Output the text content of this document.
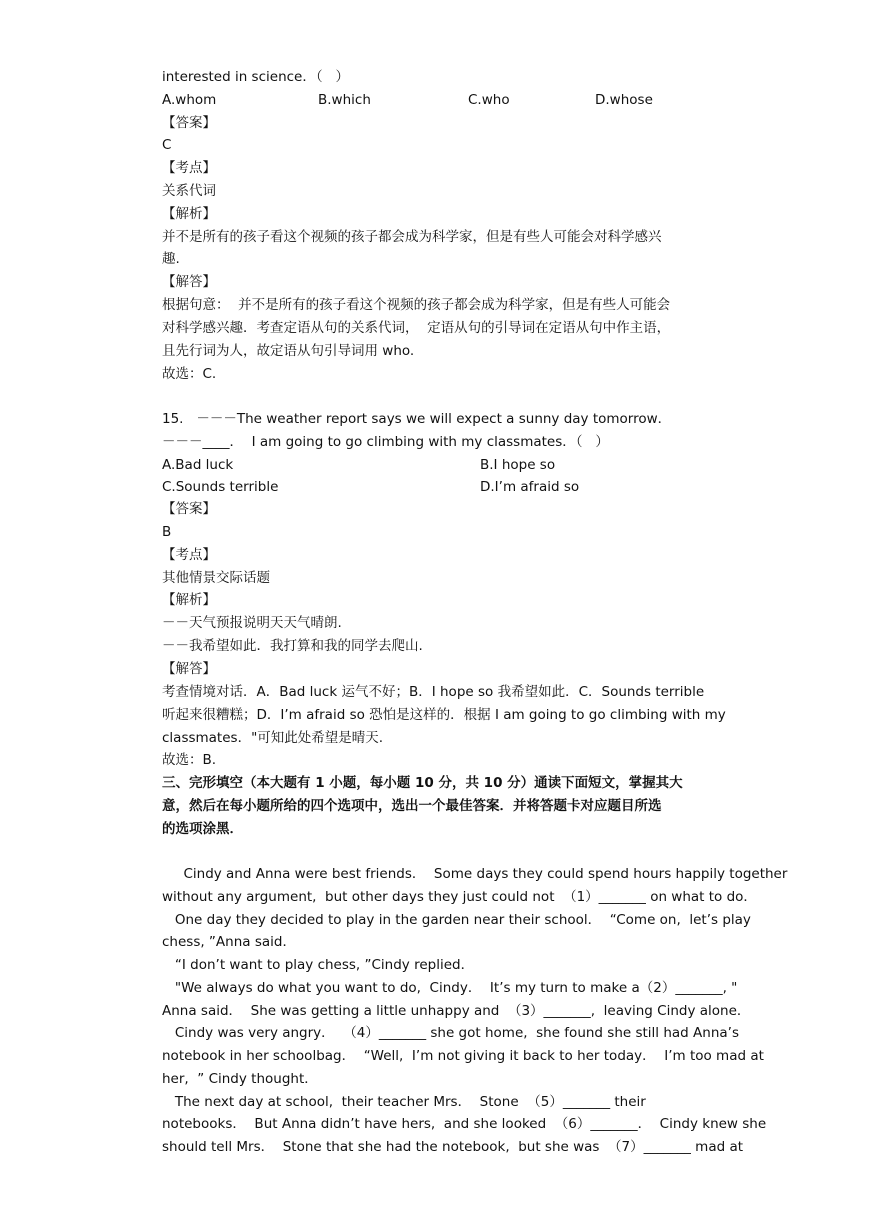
interested in science．（   ）
A.whom	B.which	C.who	D.whose
【答案】
C
【考点】
关系代词
【解析】
并不是所有的孩子看这个视频的孩子都会成为科学家，但是有些人可能会对科学感兴
趣.
【解答】
根据句意：  并不是所有的孩子看这个视频的孩子都会成为科学家，但是有些人可能会
对科学感兴趣．考查定语从句的关系代词，  定语从句的引导词在定语从句中作主语，
且先行词为人，故定语从句引导词用 who.
故选：C.
15.   －－－The weather report says we will expect a sunny day tomorrow．
－－－____．  I am going to go climbing with my classmates．（   ）
A.Bad luck	B.I hope so
C.Sounds terrible	D.I’m afraid so
【答案】
B
【考点】
其他情景交际话题
【解析】
－－天气预报说明天天气晴朗.
－－我希望如此．我打算和我的同学去爬山.
【解答】
考查情境对话．A．Bad luck 运气不好；B．I hope so 我希望如此．C．Sounds terrible
听起来很糟糕；D．I’m afraid so 恐怕是这样的．根据 I am going to go climbing with my
classmates．"可知此处希望是晴天.
故选：B.
三、完形填空（本大题有 1 小题，每小题 10 分，共 10 分）通读下面短文，掌握其大
意，然后在每小题所给的四个选项中，选出一个最佳答案．并将答题卡对应题目所选
的选项涂黑．
Cindy and Anna were best friends．  Some days they could spend hours happily together
without any argument,  but other days they just could not  （1）_______ on what to do．
One day they decided to play in the garden near their school．  “Come on,  let’s play
chess, ”Anna said．
“I don’t want to play chess, ”Cindy replied．
"We always do what you want to do,  Cindy．  It’s my turn to make a（2）_______, "
Anna said．  She was getting a little unhappy and  （3）_______,  leaving Cindy alone．
Cindy was very angry．  （4）_______ she got home,  she found she still had Anna’s
notebook in her schoolbag．  “Well,  I’m not giving it back to her today．  I’m too mad at
her,  ” Cindy thought．
The next day at school,  their teacher Mrs．  Stone  （5）_______ their
notebooks．  But Anna didn’t have hers,  and she looked  （6）_______．  Cindy knew she
should tell Mrs．  Stone that she had the notebook,  but she was  （7）_______ mad at
